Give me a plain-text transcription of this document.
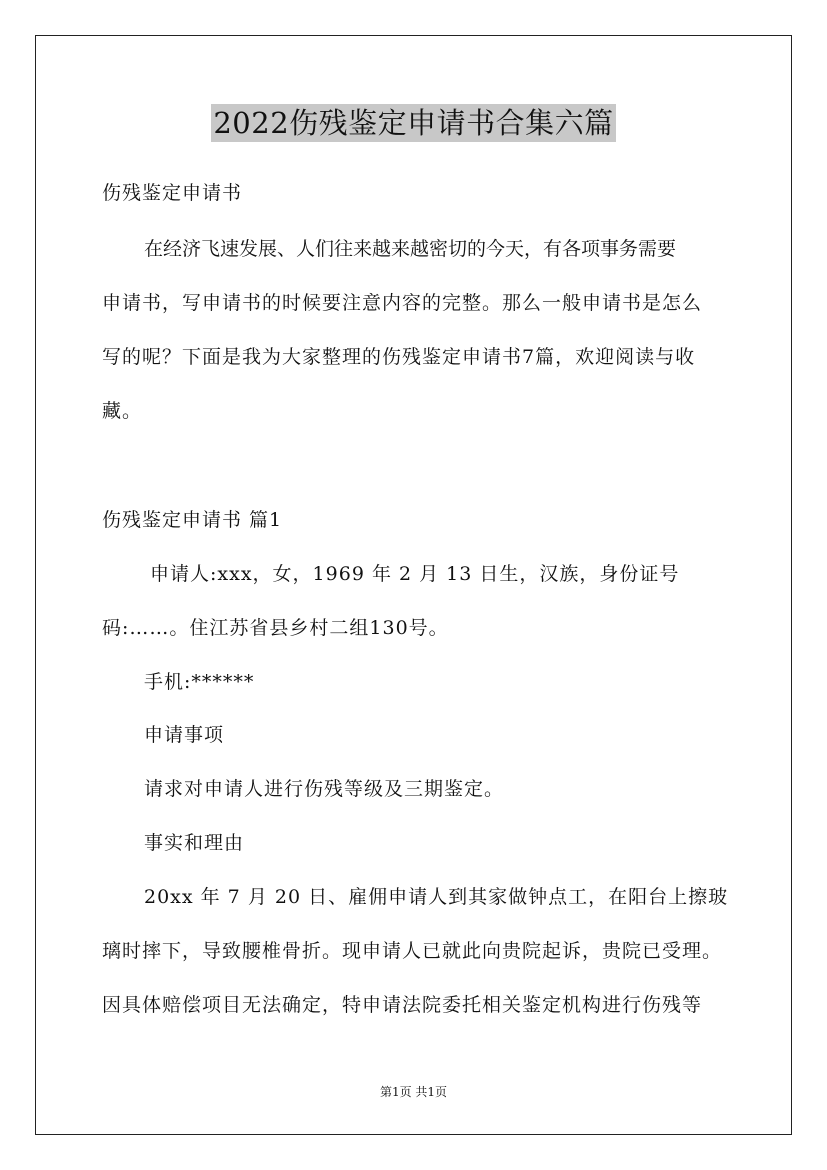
2022伤残鉴定申请书合集六篇
伤残鉴定申请书
在经济飞速发展、人们往来越来越密切的今天，有各项事务需要
申请书，写申请书的时候要注意内容的完整。那么一般申请书是怎么
写的呢？下面是我为大家整理的伤残鉴定申请书7篇，欢迎阅读与收
藏。
伤残鉴定申请书 篇1
申请人:xxx，女，1969 年 2 月 13 日生，汉族，身份证号
码:……。住江苏省县乡村二组130号。
手机:******
申请事项
请求对申请人进行伤残等级及三期鉴定。
事实和理由
20xx 年 7 月 20 日、雇佣申请人到其家做钟点工，在阳台上擦玻
璃时摔下，导致腰椎骨折。现申请人已就此向贵院起诉，贵院已受理。
因具体赔偿项目无法确定，特申请法院委托相关鉴定机构进行伤残等
第1页 共1页
